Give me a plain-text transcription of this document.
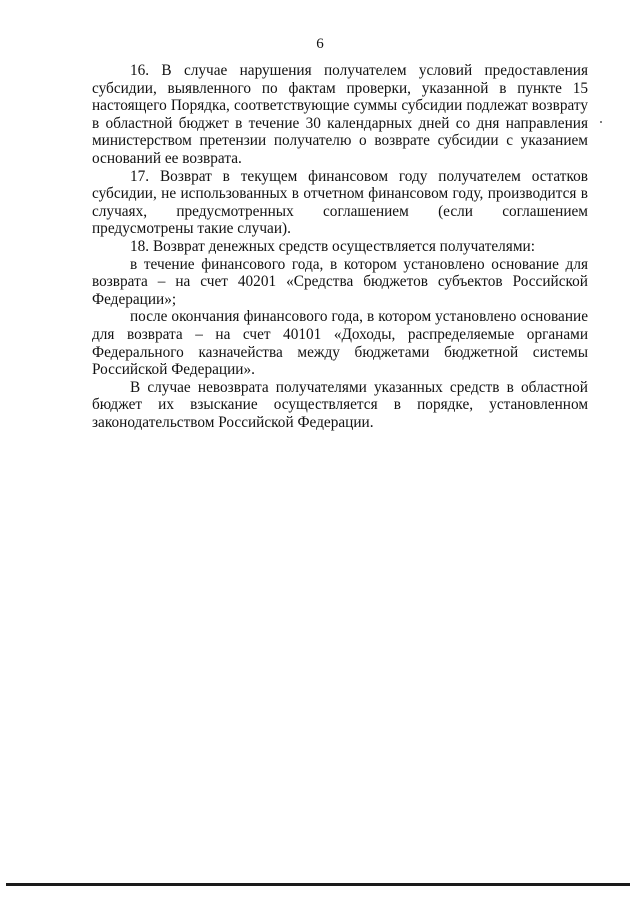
6

16. В случае нарушения получателем условий предоставления субсидии, выявленного по фактам проверки, указанной в пункте 15 настоящего Порядка, соответствующие суммы субсидии подлежат возврату в областной бюджет в течение 30 календарных дней со дня направления министерством претензии получателю о возврате субсидии с указанием оснований ее возврата.

17. Возврат в текущем финансовом году получателем остатков субсидии, не использованных в отчетном финансовом году, производится в случаях, предусмотренных соглашением (если соглашением предусмотрены такие случаи).

18. Возврат денежных средств осуществляется получателями:

в течение финансового года, в котором установлено основание для возврата – на счет 40201 «Средства бюджетов субъектов Российской Федерации»;

после окончания финансового года, в котором установлено основание для возврата – на счет 40101 «Доходы, распределяемые органами Федерального казначейства между бюджетами бюджетной системы Российской Федерации».

В случае невозврата получателями указанных средств в областной бюджет их взыскание осуществляется в порядке, установленном законодательством Российской Федерации.
